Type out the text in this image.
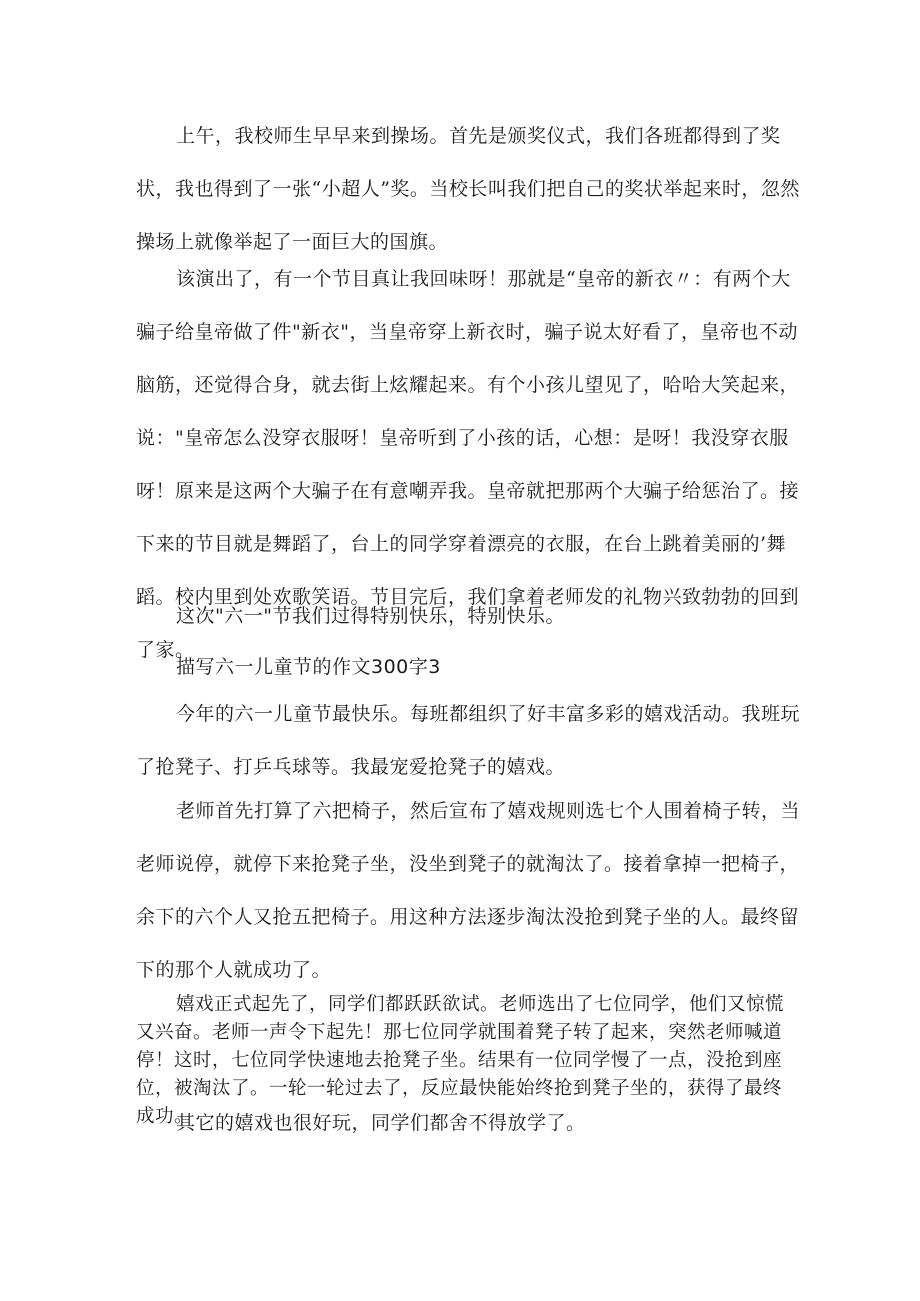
上午，我校师生早早来到操场。首先是颁奖仪式，我们各班都得到了奖状，我也得到了一张“小超人”奖。当校长叫我们把自己的奖状举起来时，忽然操场上就像举起了一面巨大的国旗。

该演出了，有一个节目真让我回味呀！那就是“皇帝的新衣〃：有两个大骗子给皇帝做了件"新衣"，当皇帝穿上新衣时，骗子说太好看了，皇帝也不动脑筋，还觉得合身，就去街上炫耀起来。有个小孩儿望见了，哈哈大笑起来，说："皇帝怎么没穿衣服呀！皇帝听到了小孩的话，心想：是呀！我没穿衣服呀！原来是这两个大骗子在有意嘲弄我。皇帝就把那两个大骗子给惩治了。接下来的节目就是舞蹈了，台上的同学穿着漂亮的衣服，在台上跳着美丽的’舞蹈。校内里到处欢歌笑语。节目完后，我们拿着老师发的礼物兴致勃勃的回到了家。

这次"六一"节我们过得特别快乐，特别快乐。

描写六一儿童节的作文300字3

今年的六一儿童节最快乐。每班都组织了好丰富多彩的嬉戏活动。我班玩了抢凳子、打乒乓球等。我最宠爱抢凳子的嬉戏。

老师首先打算了六把椅子，然后宣布了嬉戏规则选七个人围着椅子转，当老师说停，就停下来抢凳子坐，没坐到凳子的就淘汰了。接着拿掉一把椅子，余下的六个人又抢五把椅子。用这种方法逐步淘汰没抢到凳子坐的人。最终留下的那个人就成功了。

嬉戏正式起先了，同学们都跃跃欲试。老师选出了七位同学，他们又惊慌又兴奋。老师一声令下起先！那七位同学就围着凳子转了起来，突然老师喊道停！这时，七位同学快速地去抢凳子坐。结果有一位同学慢了一点，没抢到座位，被淘汰了。一轮一轮过去了，反应最快能始终抢到凳子坐的，获得了最终成功。

其它的嬉戏也很好玩，同学们都舍不得放学了。
